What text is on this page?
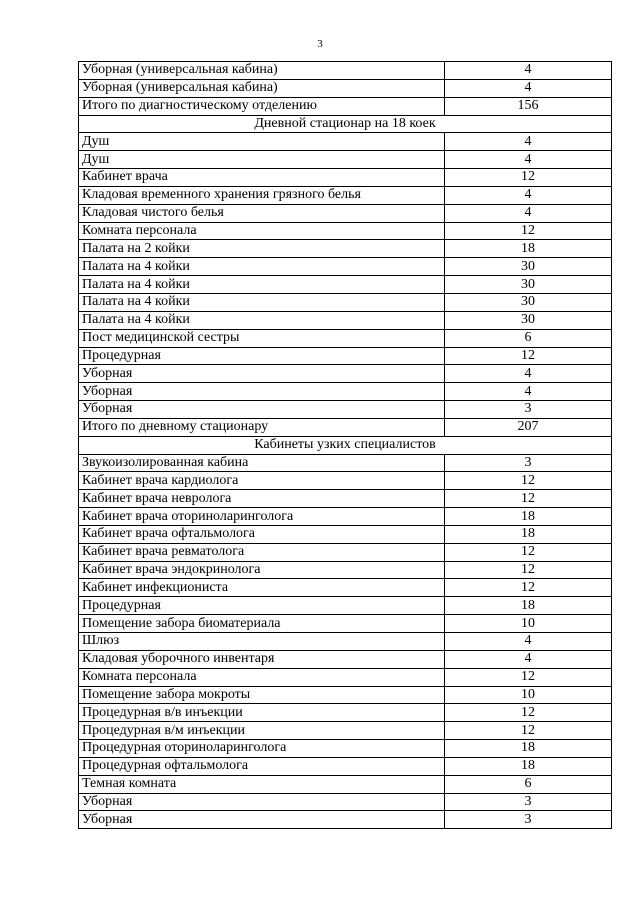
3
Уборная (универсальная кабина)	4
Уборная (универсальная кабина)	4
Итого по диагностическому отделению	156
Дневной стационар на 18 коек	
Душ	4
Душ	4
Кабинет врача	12
Кладовая временного хранения грязного белья	4
Кладовая чистого белья	4
Комната персонала	12
Палата на 2 койки	18
Палата на 4 койки	30
Палата на 4 койки	30
Палата на 4 койки	30
Палата на 4 койки	30
Пост медицинской сестры	6
Процедурная	12
Уборная	4
Уборная	4
Уборная	3
Итого по дневному стационару	207
Кабинеты узких специалистов	
Звукоизолированная кабина	3
Кабинет врача кардиолога	12
Кабинет врача невролога	12
Кабинет врача оториноларинголога	18
Кабинет врача офтальмолога	18
Кабинет врача ревматолога	12
Кабинет врача эндокринолога	12
Кабинет инфекциониста	12
Процедурная	18
Помещение забора биоматериала	10
Шлюз	4
Кладовая уборочного инвентаря	4
Комната персонала	12
Помещение забора мокроты	10
Процедурная в/в инъекции	12
Процедурная в/м инъекции	12
Процедурная оториноларинголога	18
Процедурная офтальмолога	18
Темная комната	6
Уборная	3
Уборная	3
